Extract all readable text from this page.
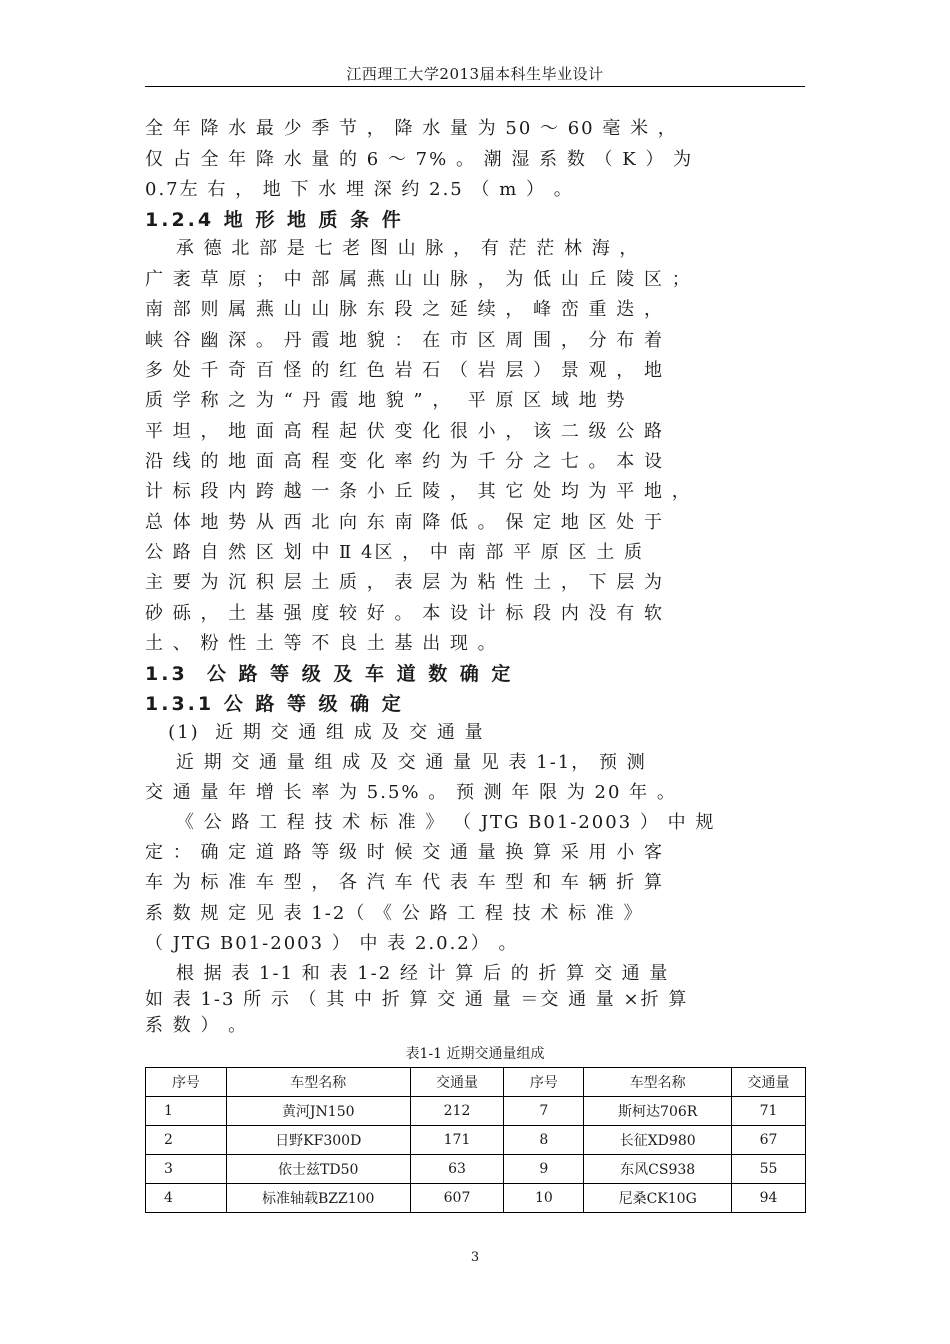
江西理工大学2013届本科生毕业设计
全 年 降 水 最 少 季 节 ， 降 水 量 为 50 ～ 60 毫 米 ，
仅 占 全 年 降 水 量 的 6 ～ 7% 。 潮 湿 系 数 （ K ） 为
0.7左 右 ， 地 下 水 埋 深 约 2.5 （ m ） 。
1.2.4 地 形 地 质 条 件
承 德 北 部 是 七 老 图 山 脉 ， 有 茫 茫 林 海 ，
广 袤 草 原 ； 中 部 属 燕 山 山 脉 ， 为 低 山 丘 陵 区 ；
南 部 则 属 燕 山 山 脉 东 段 之 延 续 ， 峰 峦 重 迭 ，
峡 谷 幽 深 。 丹 霞 地 貌 ： 在 市 区 周 围 ， 分 布 着
多 处 千 奇 百 怪 的 红 色 岩 石 （ 岩 层 ） 景 观 ， 地
质 学 称 之 为 “ 丹 霞 地 貌 ” ，  平 原 区 域 地 势
平 坦 ， 地 面 高 程 起 伏 变 化 很 小 ， 该 二 级 公 路
沿 线 的 地 面 高 程 变 化 率 约 为 千 分 之 七 。 本 设
计 标 段 内 跨 越 一 条 小 丘 陵 ， 其 它 处 均 为 平 地 ，
总 体 地 势 从 西 北 向 东 南 降 低 。 保 定 地 区 处 于
公 路 自 然 区 划 中 Ⅱ 4区 ， 中 南 部 平 原 区 土 质
主 要 为 沉 积 层 土 质 ， 表 层 为 粘 性 土 ， 下 层 为
砂 砾 ， 土 基 强 度 较 好 。 本 设 计 标 段 内 没 有 软
土 、 粉 性 土 等 不 良 土 基 出 现 。
1.3  公 路 等 级 及 车 道 数 确 定
1.3.1 公 路 等 级 确 定
(1)  近 期 交 通 组 成 及 交 通 量
近 期 交 通 量 组 成 及 交 通 量 见 表 1-1， 预 测
交 通 量 年 增 长 率 为 5.5% 。 预 测 年 限 为 20 年 。
《 公 路 工 程 技 术 标 准 》 （ JTG B01-2003 ） 中 规
定 ： 确 定 道 路 等 级 时 候 交 通 量 换 算 采 用 小 客
车 为 标 准 车 型 ， 各 汽 车 代 表 车 型 和 车 辆 折 算
系 数 规 定 见 表 1-2（ 《 公 路 工 程 技 术 标 准 》
（ JTG B01-2003 ） 中 表 2.0.2） 。
根 据 表 1-1 和 表 1-2 经 计 算 后 的 折 算 交 通 量
如 表 1-3 所 示 （ 其 中 折 算 交 通 量 ＝交 通 量 ×折 算
系 数 ） 。
表1-1 近期交通量组成
序号	车型名称	交通量	序号	车型名称	交通量
1	黄河JN150	212	7	斯柯达706R	71
2	日野KF300D	171	8	长征XD980	67
3	依士兹TD50	63	9	东风CS938	55
4	标准轴载BZZ100	607	10	尼桑CK10G	94
3
